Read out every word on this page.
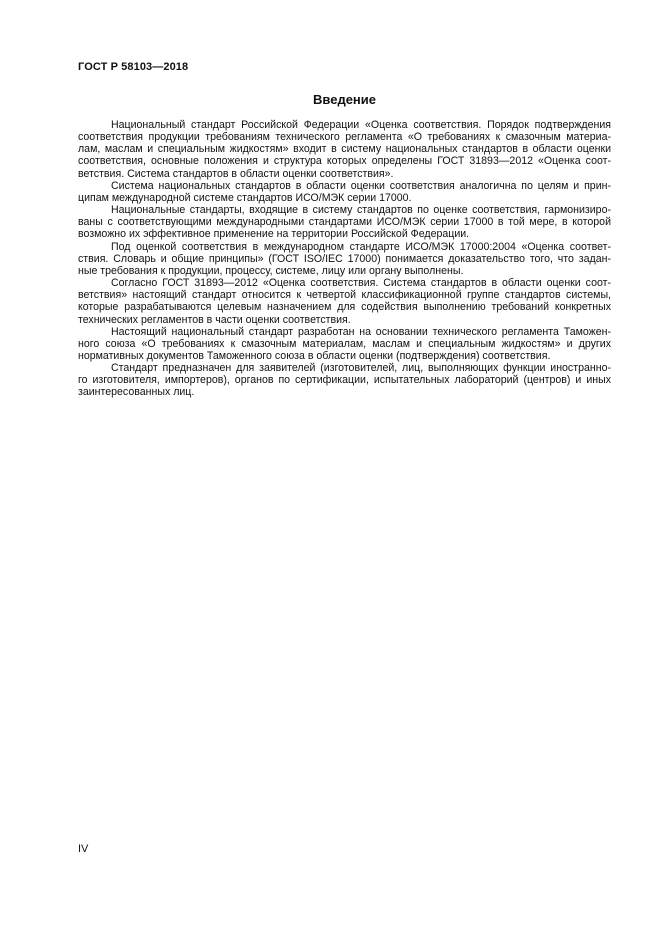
ГОСТ Р 58103—2018
Введение

Национальный стандарт Российской Федерации «Оценка соответствия. Порядок подтверждения
соответствия продукции требованиям технического регламента «О требованиях к смазочным материа-
лам, маслам и специальным жидкостям» входит в систему национальных стандартов в области оценки
соответствия, основные положения и структура которых определены ГОСТ 31893—2012 «Оценка соот-
ветствия. Система стандартов в области оценки соответствия».

Система национальных стандартов в области оценки соответствия аналогична по целям и прин-
ципам международной системе стандартов ИСО/МЭК серии 17000.

Национальные стандарты, входящие в систему стандартов по оценке соответствия, гармонизиро-
ваны с соответствующими международными стандартами ИСО/МЭК серии 17000 в той мере, в которой
возможно их эффективное применение на территории Российской Федерации.

Под оценкой соответствия в международном стандарте ИСО/МЭК 17000:2004 «Оценка соответ-
ствия. Словарь и общие принципы» (ГОСТ ISO/IEC 17000) понимается доказательство того, что задан-
ные требования к продукции, процессу, системе, лицу или органу выполнены.

Согласно ГОСТ 31893—2012 «Оценка соответствия. Система стандартов в области оценки соот-
ветствия» настоящий стандарт относится к четвертой классификационной группе стандартов системы,
которые разрабатываются целевым назначением для содействия выполнению требований конкретных
технических регламентов в части оценки соответствия.

Настоящий национальный стандарт разработан на основании технического регламента Таможен-
ного союза «О требованиях к смазочным материалам, маслам и специальным жидкостям» и других
нормативных документов Таможенного союза в области оценки (подтверждения) соответствия.

Стандарт предназначен для заявителей (изготовителей, лиц, выполняющих функции иностранно-
го изготовителя, импортеров), органов по сертификации, испытательных лабораторий (центров) и иных
заинтересованных лиц.

IV
